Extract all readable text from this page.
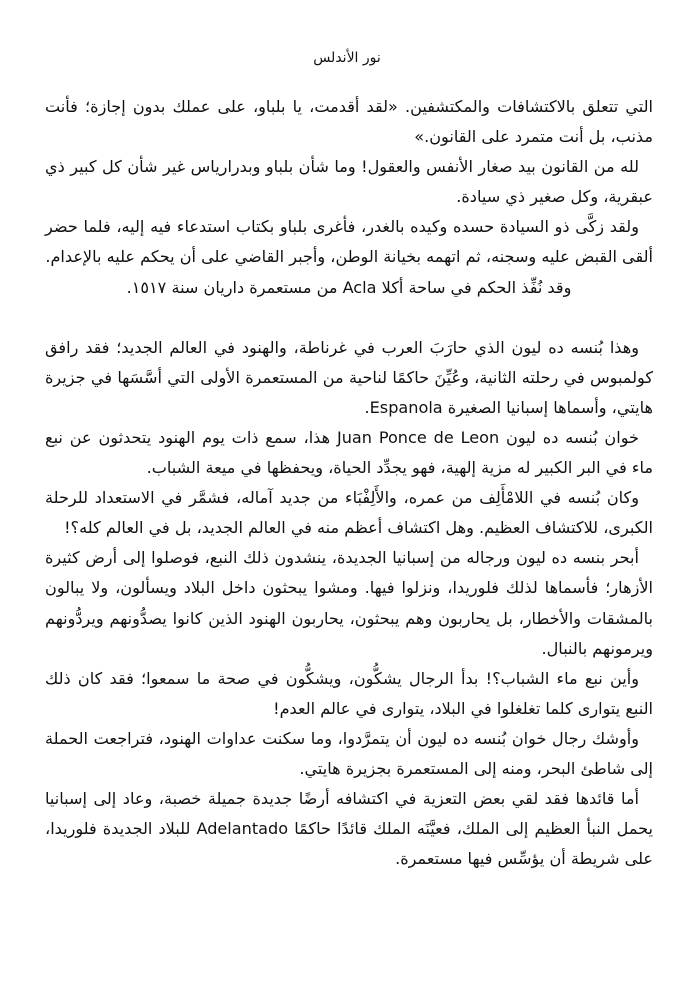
نور الأندلس

التي تتعلق بالاكتشافات والمكتشفين. «لقد أقدمت، يا بلباو، على عملك بدون إجازة؛ فأنت مذنب، بل أنت متمرد على القانون.»

لله من القانون بيد صغار الأنفس والعقول! وما شأن بلباو وبدراریاس غير شأن كل كبير ذي عبقرية، وكل صغير ذي سيادة.

ولقد زكَّى ذو السيادة حسده وكيده بالغدر، فأغرى بلباو بكتاب استدعاء فيه إليه، فلما حضر ألقى القبض عليه وسجنه، ثم اتهمه بخيانة الوطن، وأجبر القاضي على أن يحكم عليه بالإعدام.

وقد نُفِّذ الحكم في ساحة أكلا Acla من مستعمرة داريان سنة ١٥١٧.

وهذا بُنسه ده ليون الذي حارَبَ العرب في غرناطة، والهنود في العالم الجديد؛ فقد رافق كولمبوس في رحلته الثانية، وعُيِّنَ حاكمًا لناحية من المستعمرة الأولى التي أسَّسَها في جزيرة هايتي، وأسماها إسبانيا الصغيرة Espanola.

خوان بُنسه ده ليون Juan Ponce de Leon هذا، سمع ذات يوم الهنود يتحدثون عن نبع ماء في البر الكبير له مزية إلهية، فهو يجدِّد الحياة، ويحفظها في ميعة الشباب.

وكان بُنسه في اللامْأَلِف من عمره، والأَلِفْبَاء من جديد آماله، فشمَّر في الاستعداد للرحلة الكبرى، للاكتشاف العظيم. وهل اكتشاف أعظم منه في العالم الجديد، بل في العالم كله؟!

أبحر بنسه ده ليون ورجاله من إسبانيا الجديدة، ينشدون ذلك النبع، فوصلوا إلى أرض كثيرة الأزهار؛ فأسماها لذلك فلوريدا، ونزلوا فيها. ومشوا يبحثون داخل البلاد ويسألون، ولا يبالون بالمشقات والأخطار، بل يحاربون وهم يبحثون، يحاربون الهنود الذين كانوا يصدُّونهم ويردُّونهم ويرمونهم بالنبال.

وأين نبع ماء الشباب؟! بدأ الرجال يشكُّون، ويشكُّون في صحة ما سمعوا؛ فقد كان ذلك النبع يتوارى كلما تغلغلوا في البلاد، يتوارى في عالم العدم!

وأوشك رجال خوان بُنسه ده ليون أن يتمرَّدوا، وما سكنت عداوات الهنود، فتراجعت الحملة إلى شاطئ البحر، ومنه إلى المستعمرة بجزيرة هايتي.

أما قائدها فقد لقي بعض التعزية في اكتشافه أرضًا جديدة جميلة خصبة، وعاد إلى إسبانيا يحمل النبأ العظيم إلى الملك، فعيَّنَه الملك قائدًا حاكمًا Adelantado للبلاد الجديدة فلوريدا، على شريطة أن يؤسِّس فيها مستعمرة.
